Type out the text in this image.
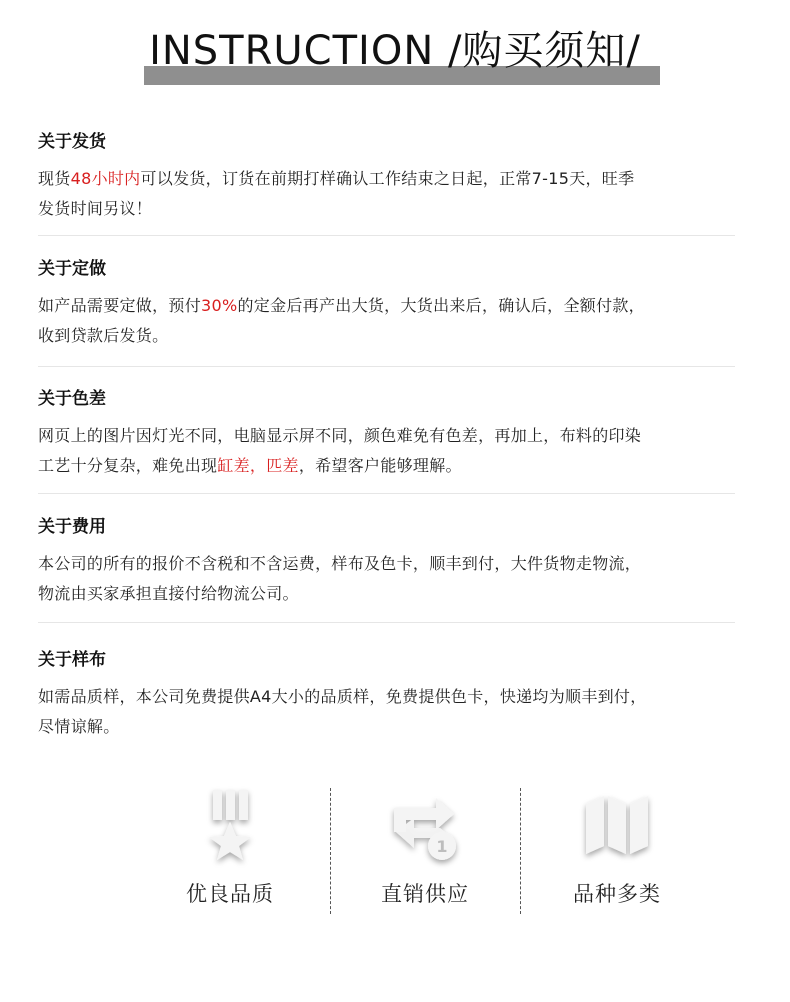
INSTRUCTION /购买须知/
关于发货
现货48小时内可以发货，订货在前期打样确认工作结束之日起，正常7-15天，旺季
发货时间另议！
关于定做
如产品需要定做，预付30%的定金后再产出大货，大货出来后，确认后，全额付款，
收到贷款后发货。
关于色差
网页上的图片因灯光不同，电脑显示屏不同，颜色难免有色差，再加上，布料的印染
工艺十分复杂，难免出现缸差，匹差，希望客户能够理解。
关于费用
本公司的所有的报价不含税和不含运费，样布及色卡，顺丰到付，大件货物走物流，
物流由买家承担直接付给物流公司。
关于样布
如需品质样，本公司免费提供A4大小的品质样，免费提供色卡，快递均为顺丰到付，
尽情谅解。
优良品质
1
直销供应	品种多类
